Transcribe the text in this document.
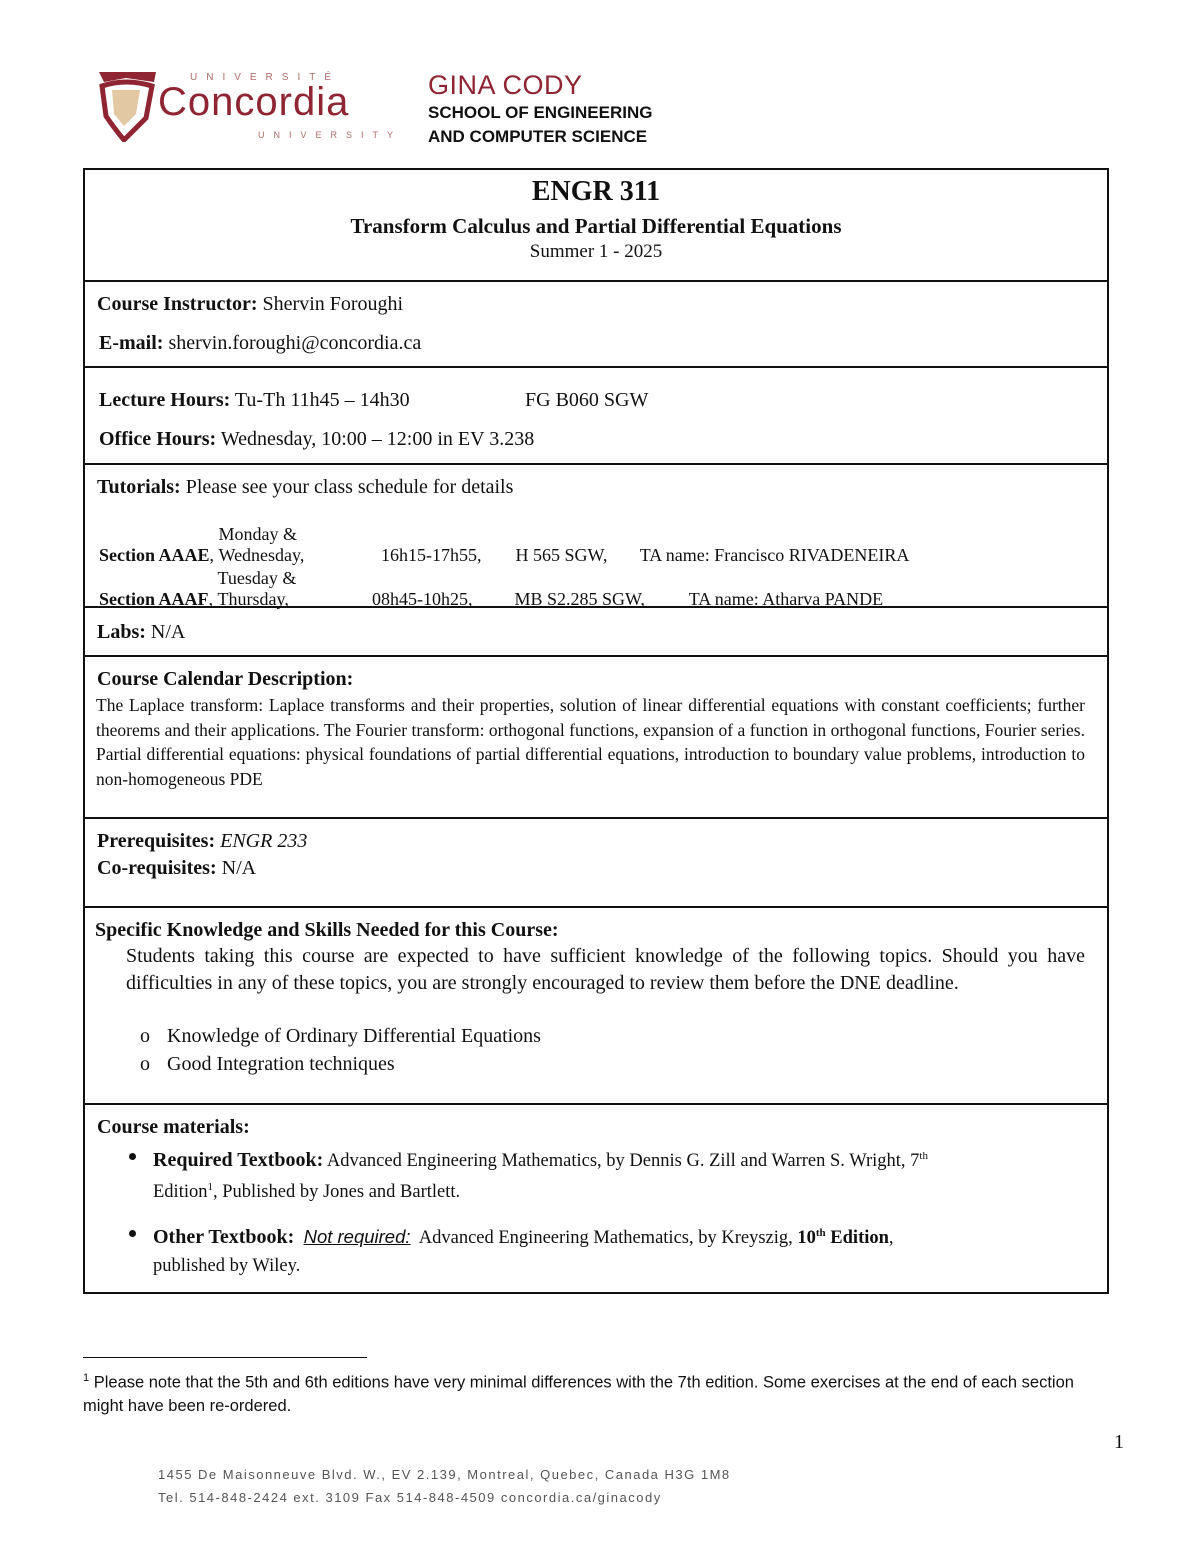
UNIVERSITÉ
Concordia
UNIVERSITY
GINA CODY
SCHOOL OF ENGINEERING
AND COMPUTER SCIENCE
ENGR 311
Transform Calculus and Partial Differential Equations
Summer 1 - 2025
Course Instructor: Shervin Foroughi
E-mail: shervin.foroughi@concordia.ca
Lecture Hours: Tu-Th 11h45 – 14h30	FG B060 SGW
Office Hours: Wednesday, 10:00 – 12:00 in EV 3.238
Tutorials: Please see your class schedule for details
Section AAAE, Monday & Wednesday,	16h15-17h55, H 565 SGW, TA name: Francisco RIVADENEIRA
Section AAAF, Tuesday & Thursday,	08h45-10h25, MB S2.285 SGW, TA name: Atharva PANDE
Labs: N/A
Course Calendar Description:
The Laplace transform: Laplace transforms and their properties, solution of linear differential equations with constant coefficients; further theorems and their applications. The Fourier transform: orthogonal functions, expansion of a function in orthogonal functions, Fourier series. Partial differential equations: physical foundations of partial differential equations, introduction to boundary value problems, introduction to non-homogeneous PDE
Prerequisites: ENGR 233
Co-requisites: N/A
Specific Knowledge and Skills Needed for this Course:
Students taking this course are expected to have sufficient knowledge of the following topics. Should you have difficulties in any of these topics, you are strongly encouraged to review them before the DNE deadline.
o Knowledge of Ordinary Differential Equations
o Good Integration techniques
Course materials:
Required Textbook: Advanced Engineering Mathematics, by Dennis G. Zill and Warren S. Wright, 7th
Edition$^1$, Published by Jones and Bartlett.
Other Textbook: Not required: Advanced Engineering Mathematics, by Kreyszig, 10th Edition,
published by Wiley.
$^1$ Please note that the 5th and 6th editions have very minimal differences with the 7th edition. Some exercises at the end of each section might have been re-ordered.
1
1455 De Maisonneuve Blvd. W., EV 2.139, Montreal, Quebec, Canada H3G 1M8
Tel. 514-848-2424 ext. 3109 Fax 514-848-4509 concordia.ca/ginacody
